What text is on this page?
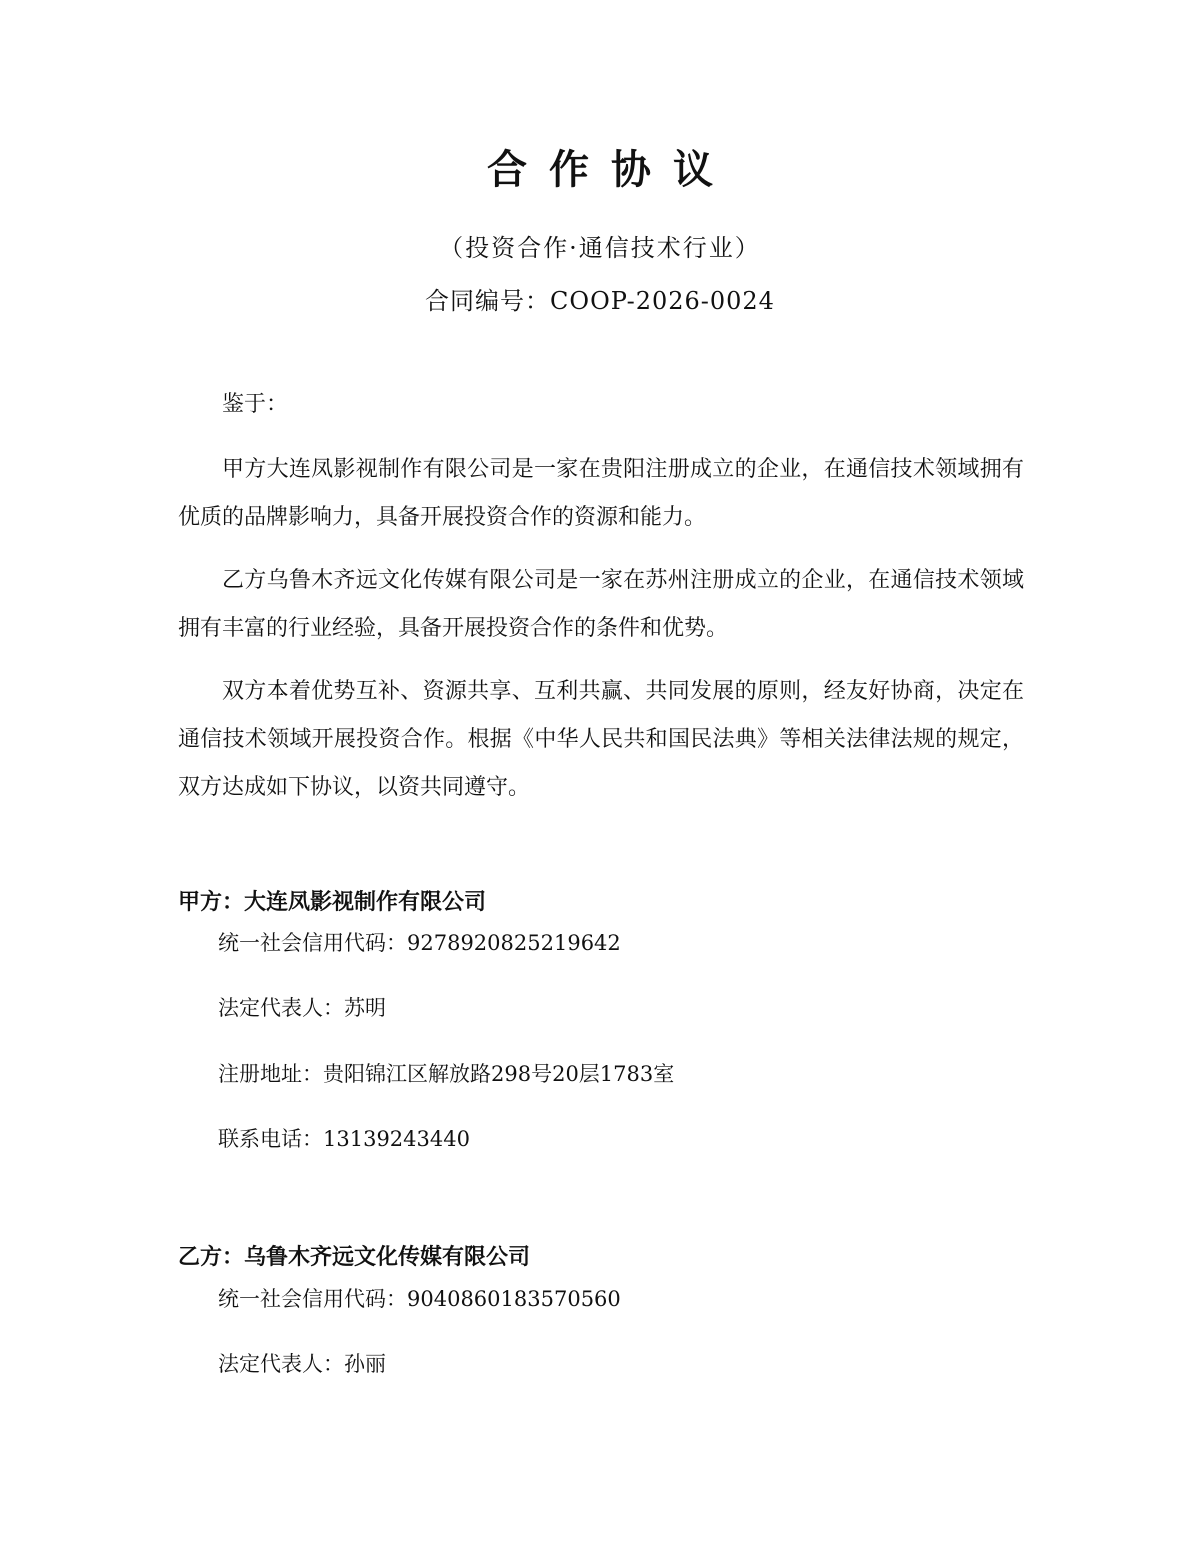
合作协议
（投资合作·通信技术行业）
合同编号：COOP-2026-0024
鉴于：
甲方大连凤影视制作有限公司是一家在贵阳注册成立的企业，在通信技术领域拥有优质的品牌影响力，具备开展投资合作的资源和能力。
乙方乌鲁木齐远文化传媒有限公司是一家在苏州注册成立的企业，在通信技术领域拥有丰富的行业经验，具备开展投资合作的条件和优势。
双方本着优势互补、资源共享、互利共赢、共同发展的原则，经友好协商，决定在通信技术领域开展投资合作。根据《中华人民共和国民法典》等相关法律法规的规定，双方达成如下协议，以资共同遵守。
甲方：大连凤影视制作有限公司
统一社会信用代码：9278920825219642
法定代表人：苏明
注册地址：贵阳锦江区解放路298号20层1783室
联系电话：13139243440
乙方：乌鲁木齐远文化传媒有限公司
统一社会信用代码：9040860183570560
法定代表人：孙丽
